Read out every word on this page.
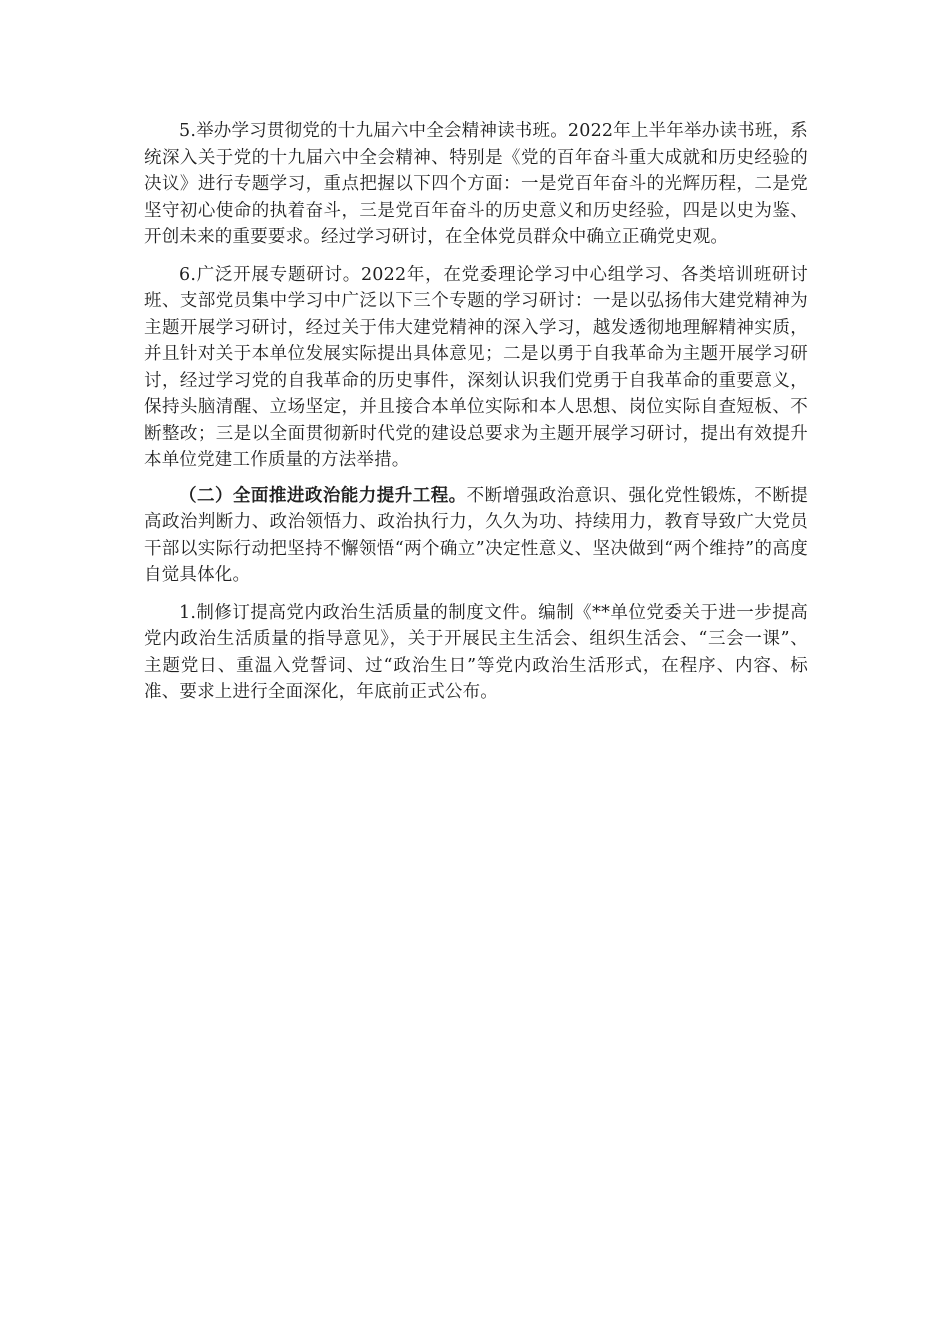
5.举办学习贯彻党的十九届六中全会精神读书班。2022年上半年举办读书班，系统深入关于党的十九届六中全会精神、特别是《党的百年奋斗重大成就和历史经验的决议》进行专题学习，重点把握以下四个方面：一是党百年奋斗的光辉历程，二是党坚守初心使命的执着奋斗，三是党百年奋斗的历史意义和历史经验，四是以史为鉴、开创未来的重要要求。经过学习研讨，在全体党员群众中确立正确党史观。

6.广泛开展专题研讨。2022年，在党委理论学习中心组学习、各类培训班研讨班、支部党员集中学习中广泛以下三个专题的学习研讨：一是以弘扬伟大建党精神为主题开展学习研讨，经过关于伟大建党精神的深入学习，越发透彻地理解精神实质，并且针对关于本单位发展实际提出具体意见；二是以勇于自我革命为主题开展学习研讨，经过学习党的自我革命的历史事件，深刻认识我们党勇于自我革命的重要意义，保持头脑清醒、立场坚定，并且接合本单位实际和本人思想、岗位实际自查短板、不断整改；三是以全面贯彻新时代党的建设总要求为主题开展学习研讨，提出有效提升本单位党建工作质量的方法举措。

（二）全面推进政治能力提升工程。不断增强政治意识、强化党性锻炼，不断提高政治判断力、政治领悟力、政治执行力，久久为功、持续用力，教育导致广大党员干部以实际行动把坚持不懈领悟“两个确立”决定性意义、坚决做到“两个维持”的高度自觉具体化。

1.制修订提高党内政治生活质量的制度文件。编制《**单位党委关于进一步提高党内政治生活质量的指导意见》，关于开展民主生活会、组织生活会、“三会一课”、主题党日、重温入党誓词、过“政治生日”等党内政治生活形式，在程序、内容、标准、要求上进行全面深化，年底前正式公布。
